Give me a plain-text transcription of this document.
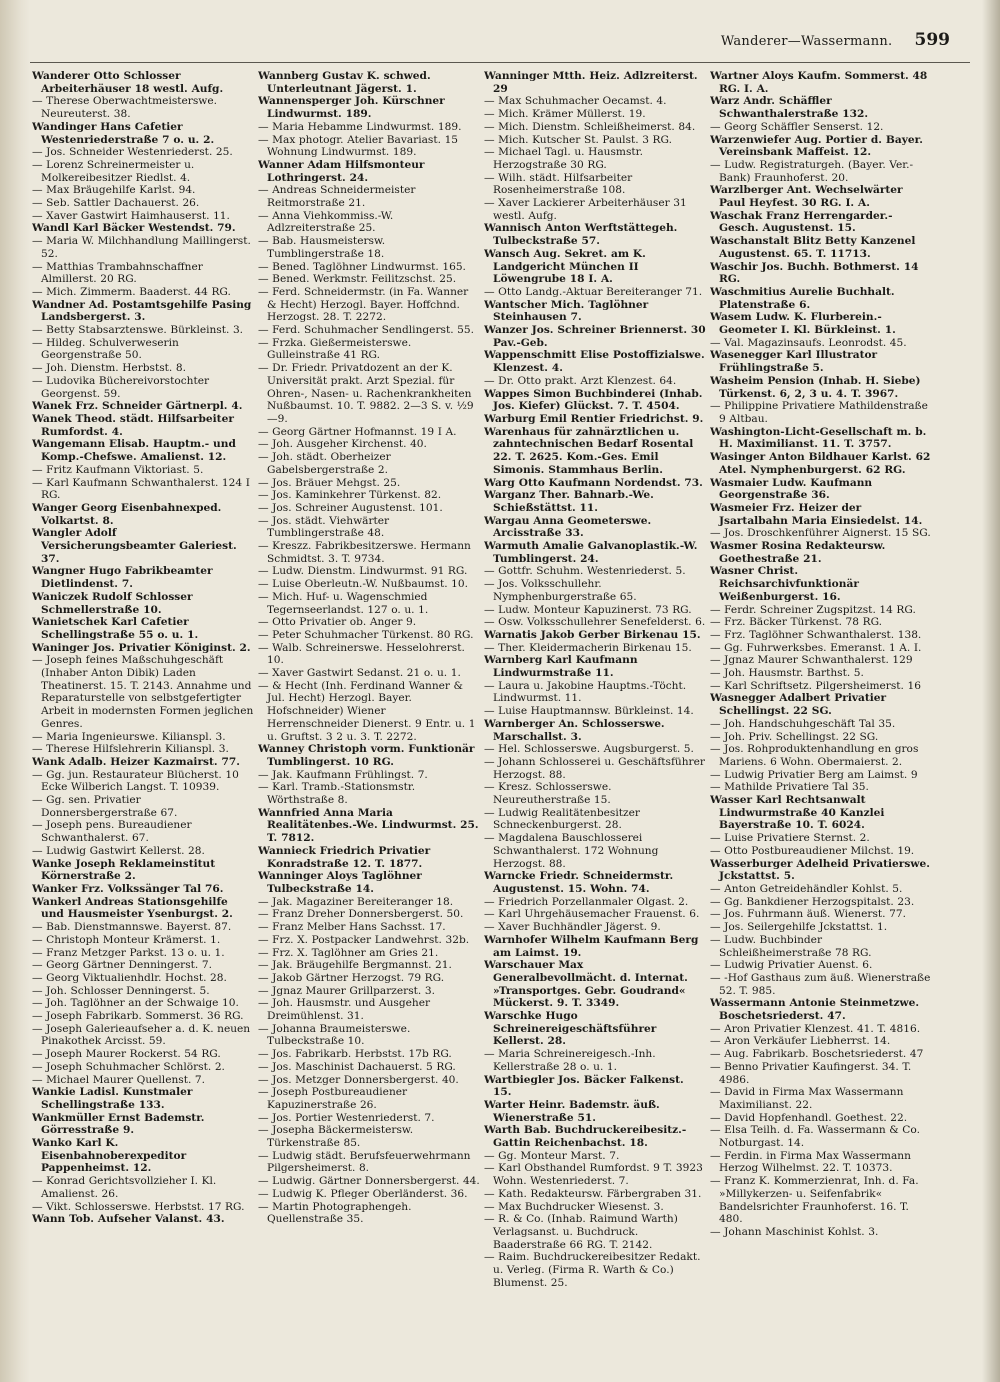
Wanderer—Wassermann. 599

Wanderer Otto Schlosser Arbeiterhäuser 18 westl. Aufg.

— Therese Oberwachtmeisterswe. Neureuterst. 38.

Wandinger Hans Cafetier Westenriederstraße 7 o. u. 2.

— Jos. Schneider Westenriederst. 25.

— Lorenz Schreinermeister u. Molkereibesitzer Riedlst. 4.

— Max Bräugehilfe Karlst. 94.

— Seb. Sattler Dachauerst. 26.

— Xaver Gastwirt Haimhauserst. 11.

Wandl Karl Bäcker Westendst. 79.

— Maria W. Milchhandlung Maillingerst. 52.

— Matthias Trambahnschaffner Almillerst. 20 RG.

— Mich. Zimmerm. Baaderst. 44 RG.

Wandner Ad. Postamtsgehilfe Pasing Landsbergerst. 3.

— Betty Stabsarztenswe. Bürkleinst. 3.

— Hildeg. Schulverweserin Georgenstraße 50.

— Joh. Dienstm. Herbstst. 8.

— Ludovika Büchereivorstochter Georgenst. 59.

Wanek Frz. Schneider Gärtnerpl. 4.

Wanek Theod. städt. Hilfsarbeiter Rumfordst. 4.

Wangemann Elisab. Hauptm.- und Komp.-Chefswe. Amalienst. 12.

— Fritz Kaufmann Viktoriast. 5.

— Karl Kaufmann Schwanthalerst. 124 I RG.

Wanger Georg Eisenbahnexped. Volkartst. 8.

Wangler Adolf Versicherungsbeamter Galeriest. 37.

Wangner Hugo Fabrikbeamter Dietlindenst. 7.

Waniczek Rudolf Schlosser Schmellerstraße 10.

Wanietschek Karl Cafetier Schellingstraße 55 o. u. 1.

Waninger Jos. Privatier Königinst. 2.

— Joseph feines Maßschuhgeschäft (Inhaber Anton Dibik) Laden Theatinerst. 15. T. 2143. Annahme und Reparaturstelle von selbstgefertigter Arbeit in modernsten Formen jeglichen Genres.

— Maria Ingenieurswe. Kilianspl. 3.

— Therese Hilfslehrerin Kilianspl. 3.

Wank Adalb. Heizer Kazmairst. 77.

— Gg. jun. Restaurateur Blücherst. 10 Ecke Wilberich Langst. T. 10939.

— Gg. sen. Privatier Donnersbergerstraße 67.

— Joseph pens. Bureaudiener Schwanthalerst. 67.

— Ludwig Gastwirt Kellerst. 28.

Wanke Joseph Reklameinstitut Körnerstraße 2.

Wanker Frz. Volkssänger Tal 76.

Wankerl Andreas Stationsgehilfe und Hausmeister Ysenburgst. 2.

— Bab. Dienstmannswe. Bayerst. 87.

— Christoph Monteur Krämerst. 1.

— Franz Metzger Parkst. 13 o. u. 1.

— Georg Gärtner Denningerst. 7.

— Georg Viktualienhdlr. Hochst. 28.

— Joh. Schlosser Denningerst. 5.

— Joh. Taglöhner an der Schwaige 10.

— Joseph Fabrikarb. Sommerst. 36 RG.

— Joseph Galerieaufseher a. d. K. neuen Pinakothek Arcisst. 59.

— Joseph Maurer Rockerst. 54 RG.

— Joseph Schuhmacher Schlörst. 2.

— Michael Maurer Quellenst. 7.

Wankie Ladisl. Kunstmaler Schellingstraße 133.

Wankmüller Ernst Bademstr. Görresstraße 9.

Wanko Karl K. Eisenbahnoberexpeditor Pappenheimst. 12.

— Konrad Gerichtsvollzieher I. Kl. Amalienst. 26.

— Vikt. Schlosserswe. Herbstst. 17 RG.

Wann Tob. Aufseher Valanst. 43.

Wannberg Gustav K. schwed. Unterleutnant Jägerst. 1.

Wannensperger Joh. Kürschner Lindwurmst. 189.

— Maria Hebamme Lindwurmst. 189.

— Max photogr. Atelier Bavariast. 15 Wohnung Lindwurmst. 189.

Wanner Adam Hilfsmonteur Lothringerst. 24.

— Andreas Schneidermeister Reitmorstraße 21.

— Anna Viehkommiss.-W. Adlzreiterstraße 25.

— Bab. Hausmeistersw. Tumblingerstraße 18.

— Bened. Taglöhner Lindwurmst. 165.

— Bened. Werkmstr. Feilitzschst. 25.

— Ferd. Schneidermstr. (in Fa. Wanner & Hecht) Herzogl. Bayer. Hoffchnd. Herzogst. 28. T. 2272.

— Ferd. Schuhmacher Sendlingerst. 55.

— Frzka. Gießermeisterswe. Gulleinstraße 41 RG.

— Dr. Friedr. Privatdozent an der K. Universität prakt. Arzt Spezial. für Ohren-, Nasen- u. Rachenkrankheiten Nußbaumst. 10. T. 9882. 2—3 S. v. ½9—9.

— Georg Gärtner Hofmannst. 19 I A.

— Joh. Ausgeher Kirchenst. 40.

— Joh. städt. Oberheizer Gabelsbergerstraße 2.

— Jos. Bräuer Mehgst. 25.

— Jos. Kaminkehrer Türkenst. 82.

— Jos. Schreiner Augustenst. 101.

— Jos. städt. Viehwärter Tumblingerstraße 48.

— Kreszz. Fabrikbesitzerswe. Hermann Schmidtst. 3. T. 9734.

— Ludw. Dienstm. Lindwurmst. 91 RG.

— Luise Oberleutn.-W. Nußbaumst. 10.

— Mich. Huf- u. Wagenschmied Tegernseerlandst. 127 o. u. 1.

— Otto Privatier ob. Anger 9.

— Peter Schuhmacher Türkenst. 80 RG.

— Walb. Schreinerswe. Hesselohrerst. 10.

— Xaver Gastwirt Sedanst. 21 o. u. 1.

— & Hecht (Inh. Ferdinand Wanner & Jul. Hecht) Herzogl. Bayer. Hofschneider) Wiener Herrenschneider Dienerst. 9 Entr. u. 1 u. Gruftst. 3 2 u. 3. T. 2272.

Wanney Christoph vorm. Funktionär Tumblingerst. 10 RG.

— Jak. Kaufmann Frühlingst. 7.

— Karl. Tramb.-Stationsmstr. Wörthstraße 8.

Wannfried Anna Maria Realitätenbes.-We. Lindwurmst. 25. T. 7812.

Wannieck Friedrich Privatier Konradstraße 12. T. 1877.

Wanninger Aloys Taglöhner Tulbeckstraße 14.

— Jak. Magaziner Bereiteranger 18.

— Franz Dreher Donnersbergerst. 50.

— Franz Melber Hans Sachsst. 17.

— Frz. X. Postpacker Landwehrst. 32b.

— Frz. X. Taglöhner am Gries 21.

— Jak. Bräugehilfe Bergmannst. 21.

— Jakob Gärtner Herzogst. 79 RG.

— Jgnaz Maurer Grillparzerst. 3.

— Joh. Hausmstr. und Ausgeher Dreimühlenst. 31.

— Johanna Braumeisterswe. Tulbeckstraße 10.

— Jos. Fabrikarb. Herbstst. 17b RG.

— Jos. Maschinist Dachauerst. 5 RG.

— Jos. Metzger Donnersbergerst. 40.

— Joseph Postbureaudiener Kapuzinerstraße 26.

— Jos. Portier Westenriederst. 7.

— Josepha Bäckermeistersw. Türkenstraße 85.

— Ludwig städt. Berufsfeuerwehrmann Pilgersheimerst. 8.

— Ludwig. Gärtner Donnersbergerst. 44.

— Ludwig K. Pfleger Oberländerst. 36.

— Martin Photographengeh. Quellenstraße 35.

Wanninger Mtth. Heiz. Adlzreiterst. 29

— Max Schuhmacher Oecamst. 4.

— Mich. Krämer Müllerst. 19.

— Mich. Dienstm. Schleißheimerst. 84.

— Mich. Kutscher St. Paulst. 3 RG.

— Michael Tagl. u. Hausmstr. Herzogstraße 30 RG.

— Wilh. städt. Hilfsarbeiter Rosenheimerstraße 108.

— Xaver Lackierer Arbeiterhäuser 31 westl. Aufg.

Wannisch Anton Werftstättegeh. Tulbeckstraße 57.

Wansch Aug. Sekret. am K. Landgericht München II Löwengrube 18 I. A.

— Otto Landg.-Aktuar Bereiteranger 71.

Wantscher Mich. Taglöhner Steinhausen 7.

Wanzer Jos. Schreiner Briennerst. 30 Pav.-Geb.

Wappenschmitt Elise Postoffizialswe. Klenzest. 4.

— Dr. Otto prakt. Arzt Klenzest. 64.

Wappes Simon Buchbinderei (Inhab. Jos. Kiefer) Glückst. 7. T. 4504.

Warburg Emil Rentier Friedrichst. 9.

Warenhaus für zahnärztlichen u. zahntechnischen Bedarf Rosental 22. T. 2625. Kom.-Ges. Emil Simonis. Stammhaus Berlin.

Warg Otto Kaufmann Nordendst. 73.

Warganz Ther. Bahnarb.-We. Schießstättst. 11.

Wargau Anna Geometerswe. Arcisstraße 33.

Warmuth Amalie Galvanoplastik.-W. Tumblingerst. 24.

— Gottfr. Schuhm. Westenriederst. 5.

— Jos. Volksschullehr. Nymphenburgerstraße 65.

— Ludw. Monteur Kapuzinerst. 73 RG.

— Osw. Volksschullehrer Senefelderst. 6.

Warnatis Jakob Gerber Birkenau 15.

— Ther. Kleidermacherin Birkenau 15.

Warnberg Karl Kaufmann Lindwurmstraße 11.

— Laura u. Jakobine Hauptms.-Töcht. Lindwurmst. 11.

— Luise Hauptmannsw. Bürkleinst. 14.

Warnberger An. Schlosserswe. Marschallst. 3.

— Hel. Schlosserswe. Augsburgerst. 5.

— Johann Schlosserei u. Geschäftsführer Herzogst. 88.

— Kresz. Schlosserswe. Neureutherstraße 15.

— Ludwig Realitätenbesitzer Schneckenburgerst. 28.

— Magdalena Bauschlosserei Schwanthalerst. 172 Wohnung Herzogst. 88.

Warncke Friedr. Schneidermstr. Augustenst. 15. Wohn. 74.

— Friedrich Porzellanmaler Olgast. 2.

— Karl Uhrgehäusemacher Frauenst. 6.

— Xaver Buchhändler Jägerst. 9.

Warnhofer Wilhelm Kaufmann Berg am Laimst. 19.

Warschauer Max Generalbevollmächt. d. Internat. »Transportges. Gebr. Goudrand« Mückerst. 9. T. 3349.

Warschke Hugo Schreinereigeschäftsführer Kellerst. 28.

— Maria Schreinereigesch.-Inh. Kellerstraße 28 o. u. 1.

Wartbiegler Jos. Bäcker Falkenst. 15.

Warter Heinr. Bademstr. äuß. Wienerstraße 51.

Warth Bab. Buchdruckereibesitz.-Gattin Reichenbachst. 18.

— Gg. Monteur Marst. 7.

— Karl Obsthandel Rumfordst. 9 T. 3923 Wohn. Westenriederst. 7.

— Kath. Redakteursw. Färbergraben 31.

— Max Buchdrucker Wiesenst. 3.

— R. & Co. (Inhab. Raimund Warth) Verlagsanst. u. Buchdruck. Baaderstraße 66 RG. T. 2142.

— Raim. Buchdruckereibesitzer Redakt. u. Verleg. (Firma R. Warth & Co.) Blumenst. 25.

Wartner Aloys Kaufm. Sommerst. 48 RG. I. A.

Warz Andr. Schäffler Schwanthalerstraße 132.

— Georg Schäffler Senserst. 12.

Warzenwiefer Aug. Portier d. Bayer. Vereinsbank Maffeist. 12.

— Ludw. Registraturgeh. (Bayer. Ver.-Bank) Fraunhoferst. 20.

Warzlberger Ant. Wechselwärter Paul Heyfest. 30 RG. I. A.

Waschak Franz Herrengarder.-Gesch. Augustenst. 15.

Waschanstalt Blitz Betty Kanzenel Augustenst. 65. T. 11713.

Waschir Jos. Buchh. Bothmerst. 14 RG.

Waschmitius Aurelie Buchhalt. Platenstraße 6.

Wasem Ludw. K. Flurberein.-Geometer I. Kl. Bürkleinst. 1.

— Val. Magazinsaufs. Leonrodst. 45.

Wasenegger Karl Illustrator Frühlingstraße 5.

Washeim Pension (Inhab. H. Siebe) Türkenst. 6, 2, 3 u. 4. T. 3967.

— Philippine Privatiere Mathildenstraße 9 Altbau.

Washington-Licht-Gesellschaft m. b. H. Maximilianst. 11. T. 3757.

Wasinger Anton Bildhauer Karlst. 62 Atel. Nymphenburgerst. 62 RG.

Wasmaier Ludw. Kaufmann Georgenstraße 36.

Wasmeier Frz. Heizer der Jsartalbahn Maria Einsiedelst. 14.

— Jos. Droschkenführer Aignerst. 15 SG.

Wasmer Rosina Redakteursw. Goethestraße 21.

Wasner Christ. Reichsarchivfunktionär Weißenburgerst. 16.

— Ferdr. Schreiner Zugspitzst. 14 RG.

— Frz. Bäcker Türkenst. 78 RG.

— Frz. Taglöhner Schwanthalerst. 138.

— Gg. Fuhrwerksbes. Emeranst. 1 A. I.

— Jgnaz Maurer Schwanthalerst. 129

— Joh. Hausmstr. Barthst. 5.

— Karl Schriftsetz. Pilgersheimerst. 16

Wasnegger Adalbert Privatier Schellingst. 22 SG.

— Joh. Handschuhgeschäft Tal 35.

— Joh. Priv. Schellingst. 22 SG.

— Jos. Rohproduktenhandlung en gros Mariens. 6 Wohn. Obermaierst. 2.

— Ludwig Privatier Berg am Laimst. 9

— Mathilde Privatiere Tal 35.

Wasser Karl Rechtsanwalt Lindwurmstraße 40 Kanzlei Bayerstraße 10. T. 6024.

— Luise Privatiere Sternst. 2.

— Otto Postbureaudiener Milchst. 19.

Wasserburger Adelheid Privatierswe. Jckstattst. 5.

— Anton Getreidehändler Kohlst. 5.

— Gg. Bankdiener Herzogspitalst. 23.

— Jos. Fuhrmann äuß. Wienerst. 77.

— Jos. Seilergehilfe Jckstattst. 1.

— Ludw. Buchbinder Schleißheimerstraße 78 RG.

— Ludwig Privatier Auenst. 6.

— -Hof Gasthaus zum äuß. Wienerstraße 52. T. 985.

Wassermann Antonie Steinmetzwe. Boschetsriederst. 47.

— Aron Privatier Klenzest. 41. T. 4816.

— Aron Verkäufer Liebherrst. 14.

— Aug. Fabrikarb. Boschetsriederst. 47

— Benno Privatier Kaufingerst. 34. T. 4986.

— David in Firma Max Wassermann Maximilianst. 22.

— David Hopfenhandl. Goethest. 22.

— Elsa Teilh. d. Fa. Wassermann & Co. Notburgast. 14.

— Ferdin. in Firma Max Wassermann Herzog Wilhelmst. 22. T. 10373.

— Franz K. Kommerzienrat, Inh. d. Fa. »Millykerzen- u. Seifenfabrik« Bandelsrichter Fraunhoferst. 16. T. 480.

— Johann Maschinist Kohlst. 3.
